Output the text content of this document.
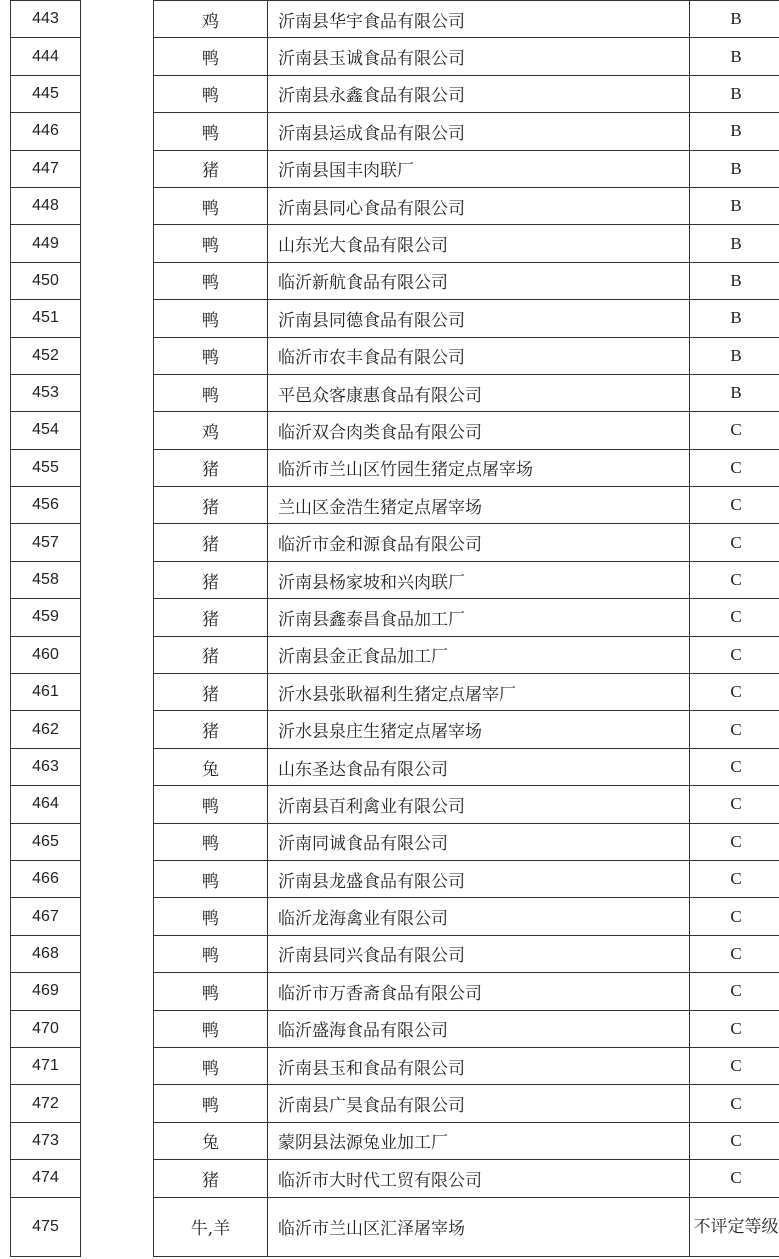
443		鸡	沂南县华宇食品有限公司	B
444		鸭	沂南县玉诚食品有限公司	B
445		鸭	沂南县永鑫食品有限公司	B
446		鸭	沂南县运成食品有限公司	B
447		猪	沂南县国丰肉联厂	B
448		鸭	沂南县同心食品有限公司	B
449		鸭	山东光大食品有限公司	B
450		鸭	临沂新航食品有限公司	B
451		鸭	沂南县同德食品有限公司	B
452		鸭	临沂市农丰食品有限公司	B
453		鸭	平邑众客康惠食品有限公司	B
454		鸡	临沂双合肉类食品有限公司	C
455		猪	临沂市兰山区竹园生猪定点屠宰场	C
456		猪	兰山区金浩生猪定点屠宰场	C
457		猪	临沂市金和源食品有限公司	C
458		猪	沂南县杨家坡和兴肉联厂	C
459		猪	沂南县鑫泰昌食品加工厂	C
460		猪	沂南县金正食品加工厂	C
461		猪	沂水县张耿福利生猪定点屠宰厂	C
462		猪	沂水县泉庄生猪定点屠宰场	C
463		兔	山东圣达食品有限公司	C
464		鸭	沂南县百利禽业有限公司	C
465		鸭	沂南同诚食品有限公司	C
466		鸭	沂南县龙盛食品有限公司	C
467		鸭	临沂龙海禽业有限公司	C
468		鸭	沂南县同兴食品有限公司	C
469		鸭	临沂市万香斋食品有限公司	C
470		鸭	临沂盛海食品有限公司	C
471		鸭	沂南县玉和食品有限公司	C
472		鸭	沂南县广昊食品有限公司	C
473		兔	蒙阴县法源兔业加工厂	C
474		猪	临沂市大时代工贸有限公司	C
475		牛,羊	临沂市兰山区汇泽屠宰场	不评定等级
